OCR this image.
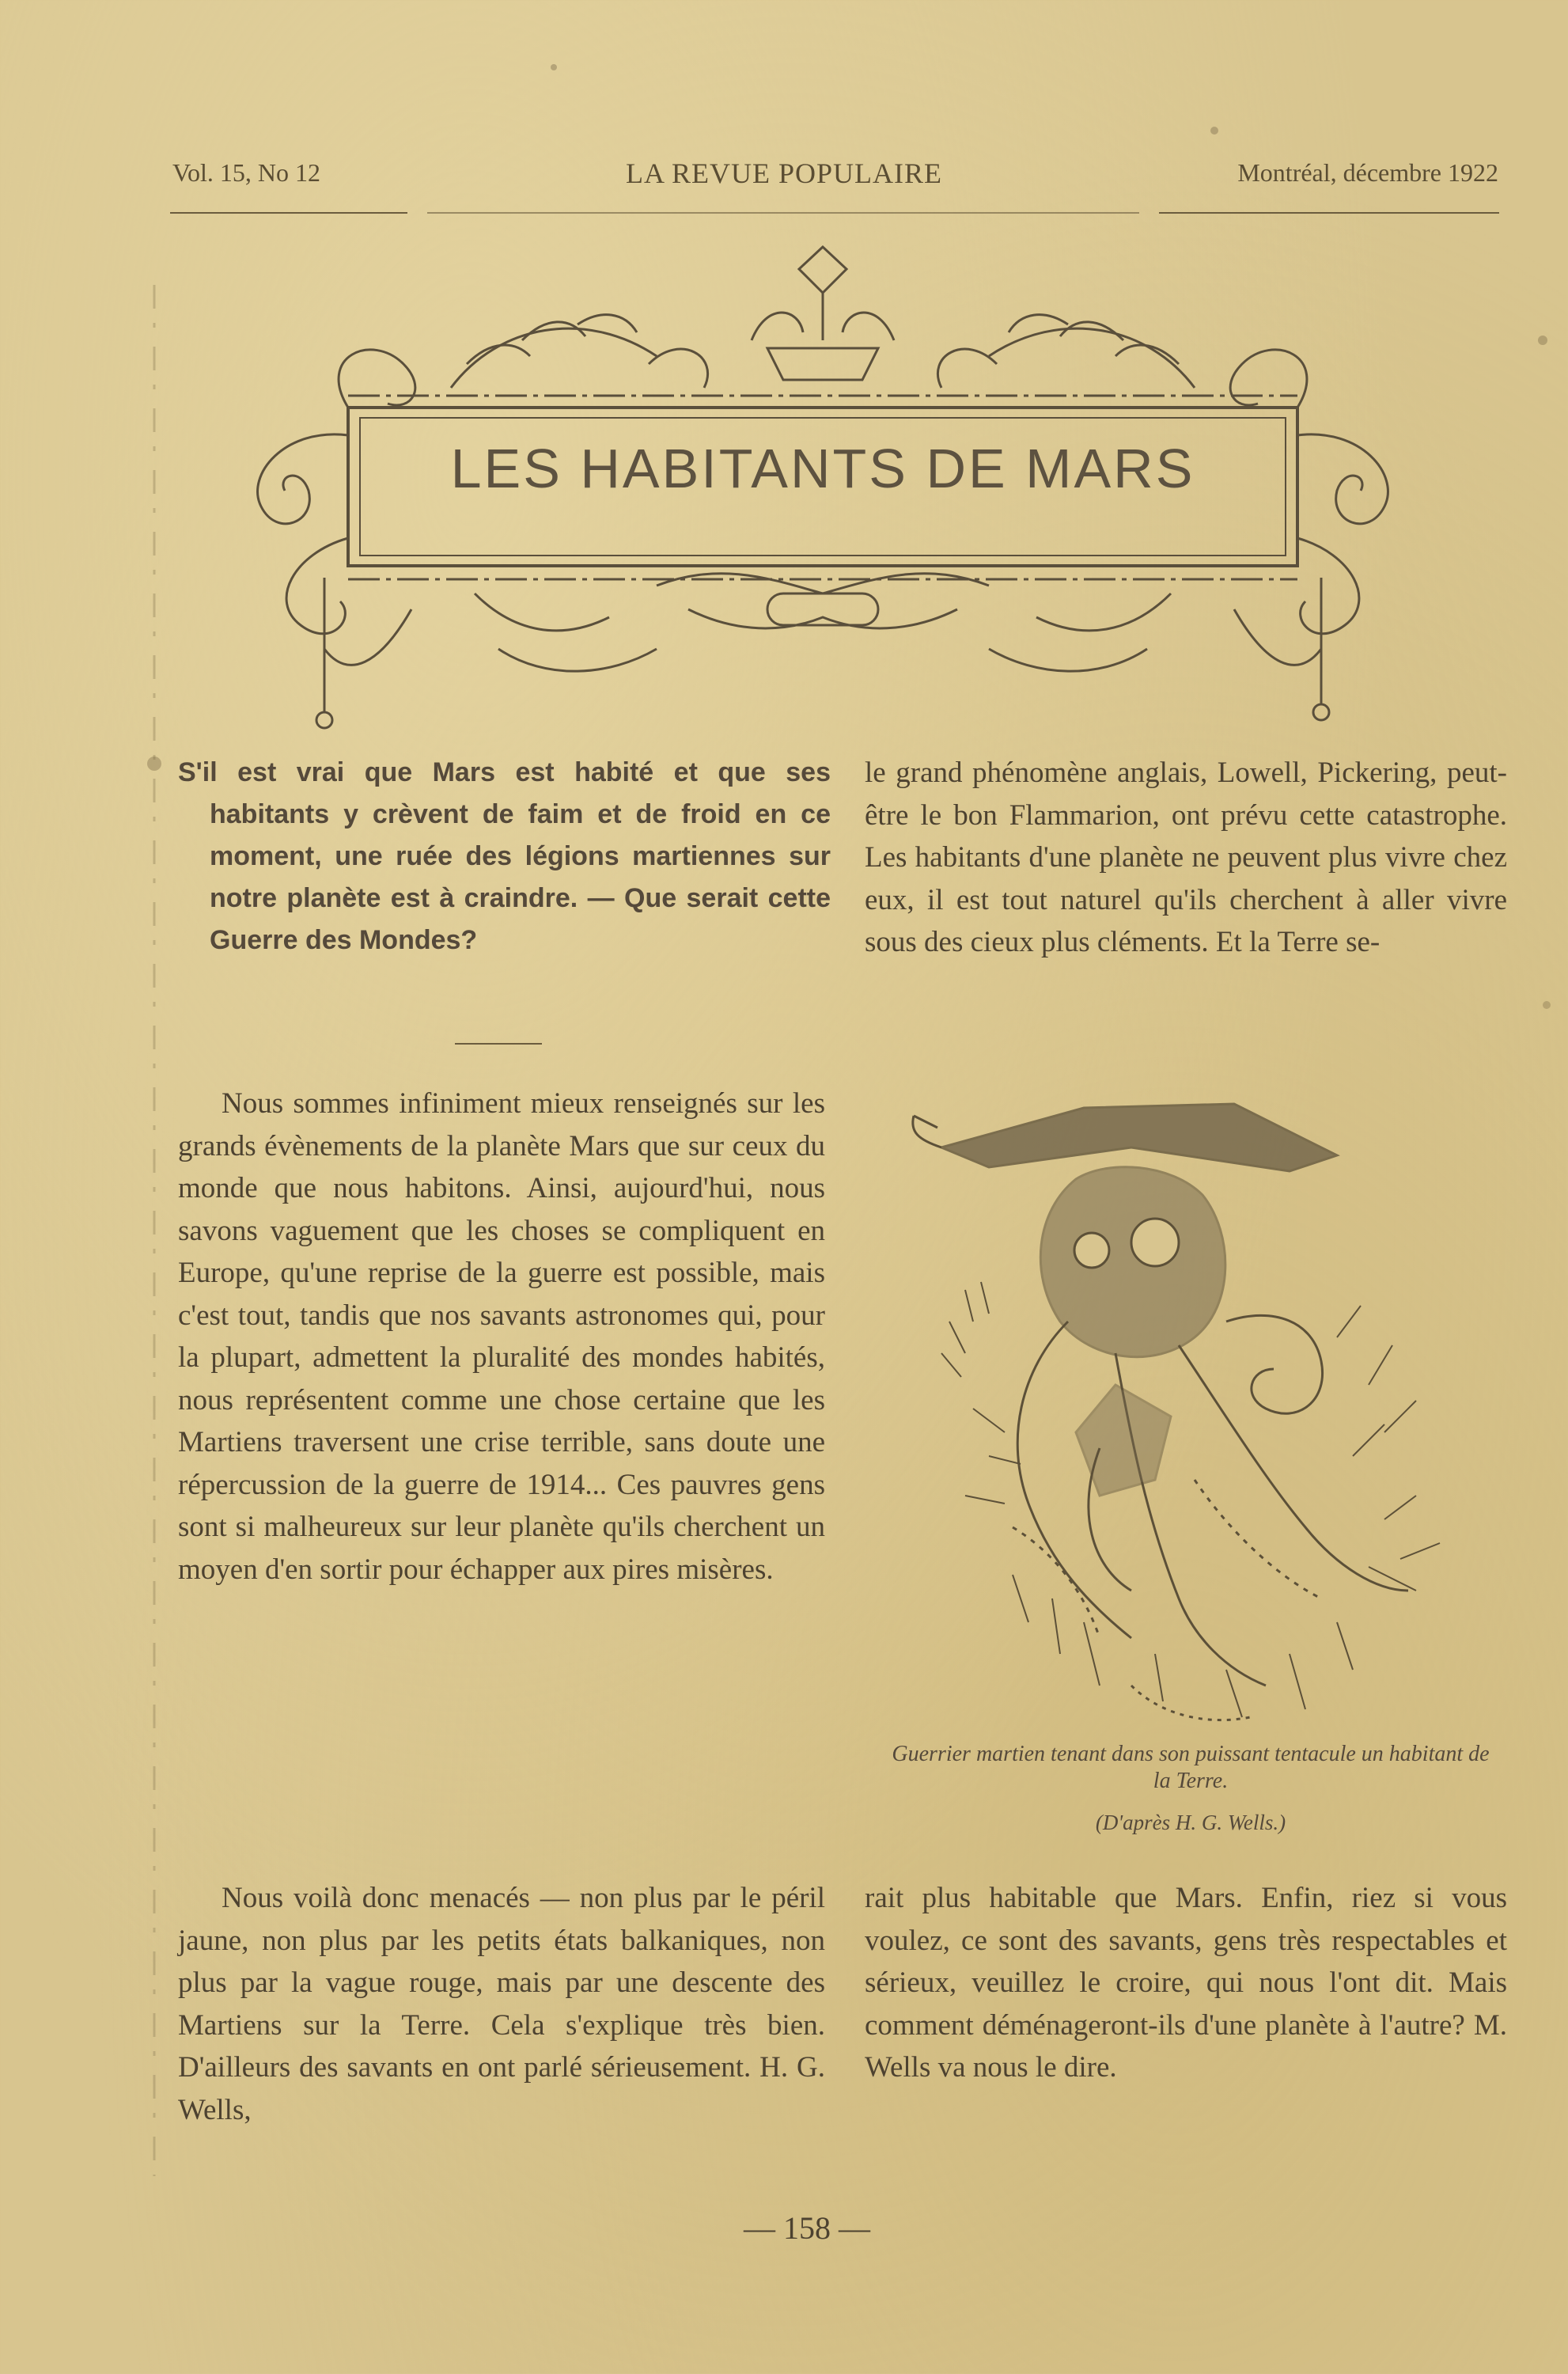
Vol. 15, No 12	LA REVUE POPULAIRE	Montréal, décembre 1922
LES HABITANTS DE MARS
S'il est vrai que Mars est habité et que ses habitants y crèvent de faim et de froid en ce moment, une ruée des légions martiennes sur notre planète est à craindre. — Que serait cette Guerre des Mondes?

Nous sommes infiniment mieux renseignés sur les grands évènements de la planète Mars que sur ceux du monde que nous habitons. Ainsi, aujourd'hui, nous savons vaguement que les choses se compliquent en Europe, qu'une reprise de la guerre est possible, mais c'est tout, tandis que nos savants astronomes qui, pour la plupart, admettent la pluralité des mondes habités, nous représentent comme une chose certaine que les Martiens traversent une crise terrible, sans doute une répercussion de la guerre de 1914... Ces pauvres gens sont si malheureux sur leur planète qu'ils cherchent un moyen d'en sortir pour échapper aux pires misères.

Nous voilà donc menacés — non plus par le péril jaune, non plus par les petits états balkaniques, non plus par la vague rouge, mais par une descente des Martiens sur la Terre. Cela s'explique très bien. D'ailleurs des savants en ont parlé sérieusement. H. G. Wells,

le grand phénomène anglais, Lowell, Pickering, peut-être le bon Flammarion, ont prévu cette catastrophe. Les habitants d'une planète ne peuvent plus vivre chez eux, il est tout naturel qu'ils cherchent à aller vivre sous des cieux plus cléments. Et la Terre se-

rait plus habitable que Mars. Enfin, riez si vous voulez, ce sont des savants, gens très respectables et sérieux, veuillez le croire, qui nous l'ont dit. Mais comment déménageront-ils d'une planète à l'autre? M. Wells va nous le dire.

Guerrier martien tenant dans son puissant tentacule un habitant de la Terre.
(D'après H. G. Wells.)
— 158 —
